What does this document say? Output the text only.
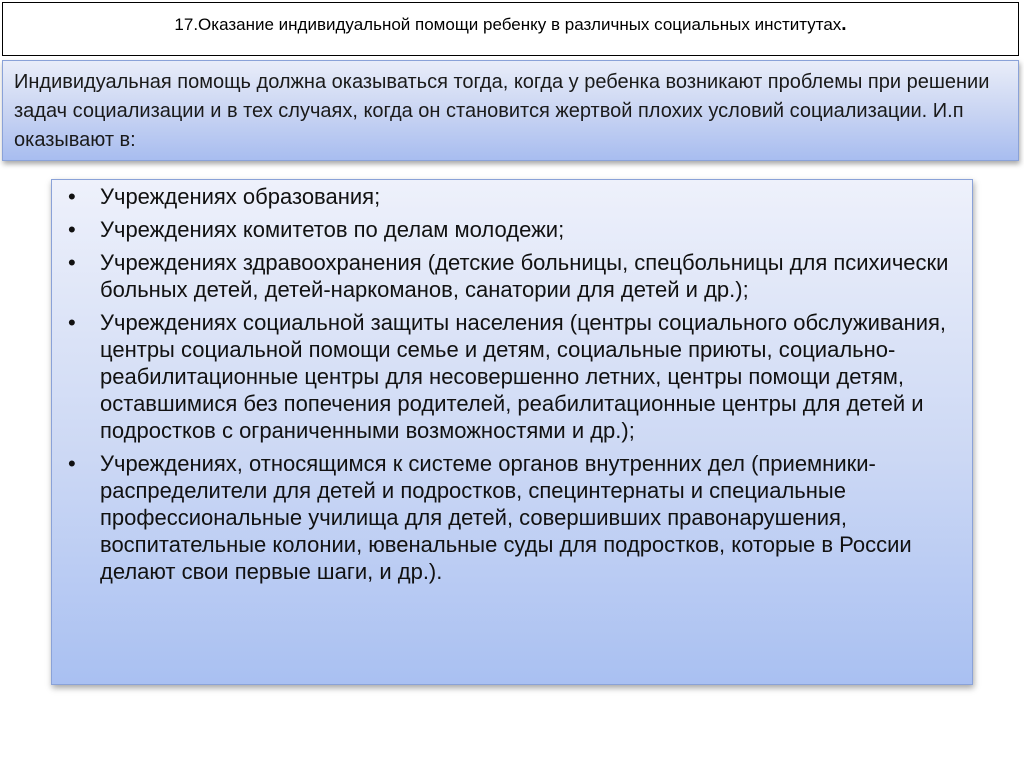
17.Оказание индивидуальной помощи ребенку в различных социальных институтах.
Индивидуальная помощь должна оказываться тогда, когда у ребенка возникают проблемы при решении задач социализации и в тех случаях, когда он становится жертвой плохих условий социализации. И.п оказывают в:
• Учреждениях образования;
• Учреждениях комитетов по делам молодежи;
• Учреждениях здравоохранения (детские больницы, спецбольницы для психически больных детей, детей-наркоманов, санатории для детей и др.);
• Учреждениях социальной защиты населения (центры социального обслуживания, центры социальной помощи семье и детям, социальные приюты, социально-реабилитационные центры для несовершенно летних, центры помощи детям, оставшимися без попечения родителей, реабилитационные центры для детей и подростков с ограниченными возможностями и др.);
• Учреждениях, относящимся к системе органов внутренних дел (приемники-распределители для детей и подростков, специнтернаты и специальные профессиональные училища для детей, совершивших правонарушения, воспитательные колонии, ювенальные суды для подростков, которые в России делают свои первые шаги, и др.).
